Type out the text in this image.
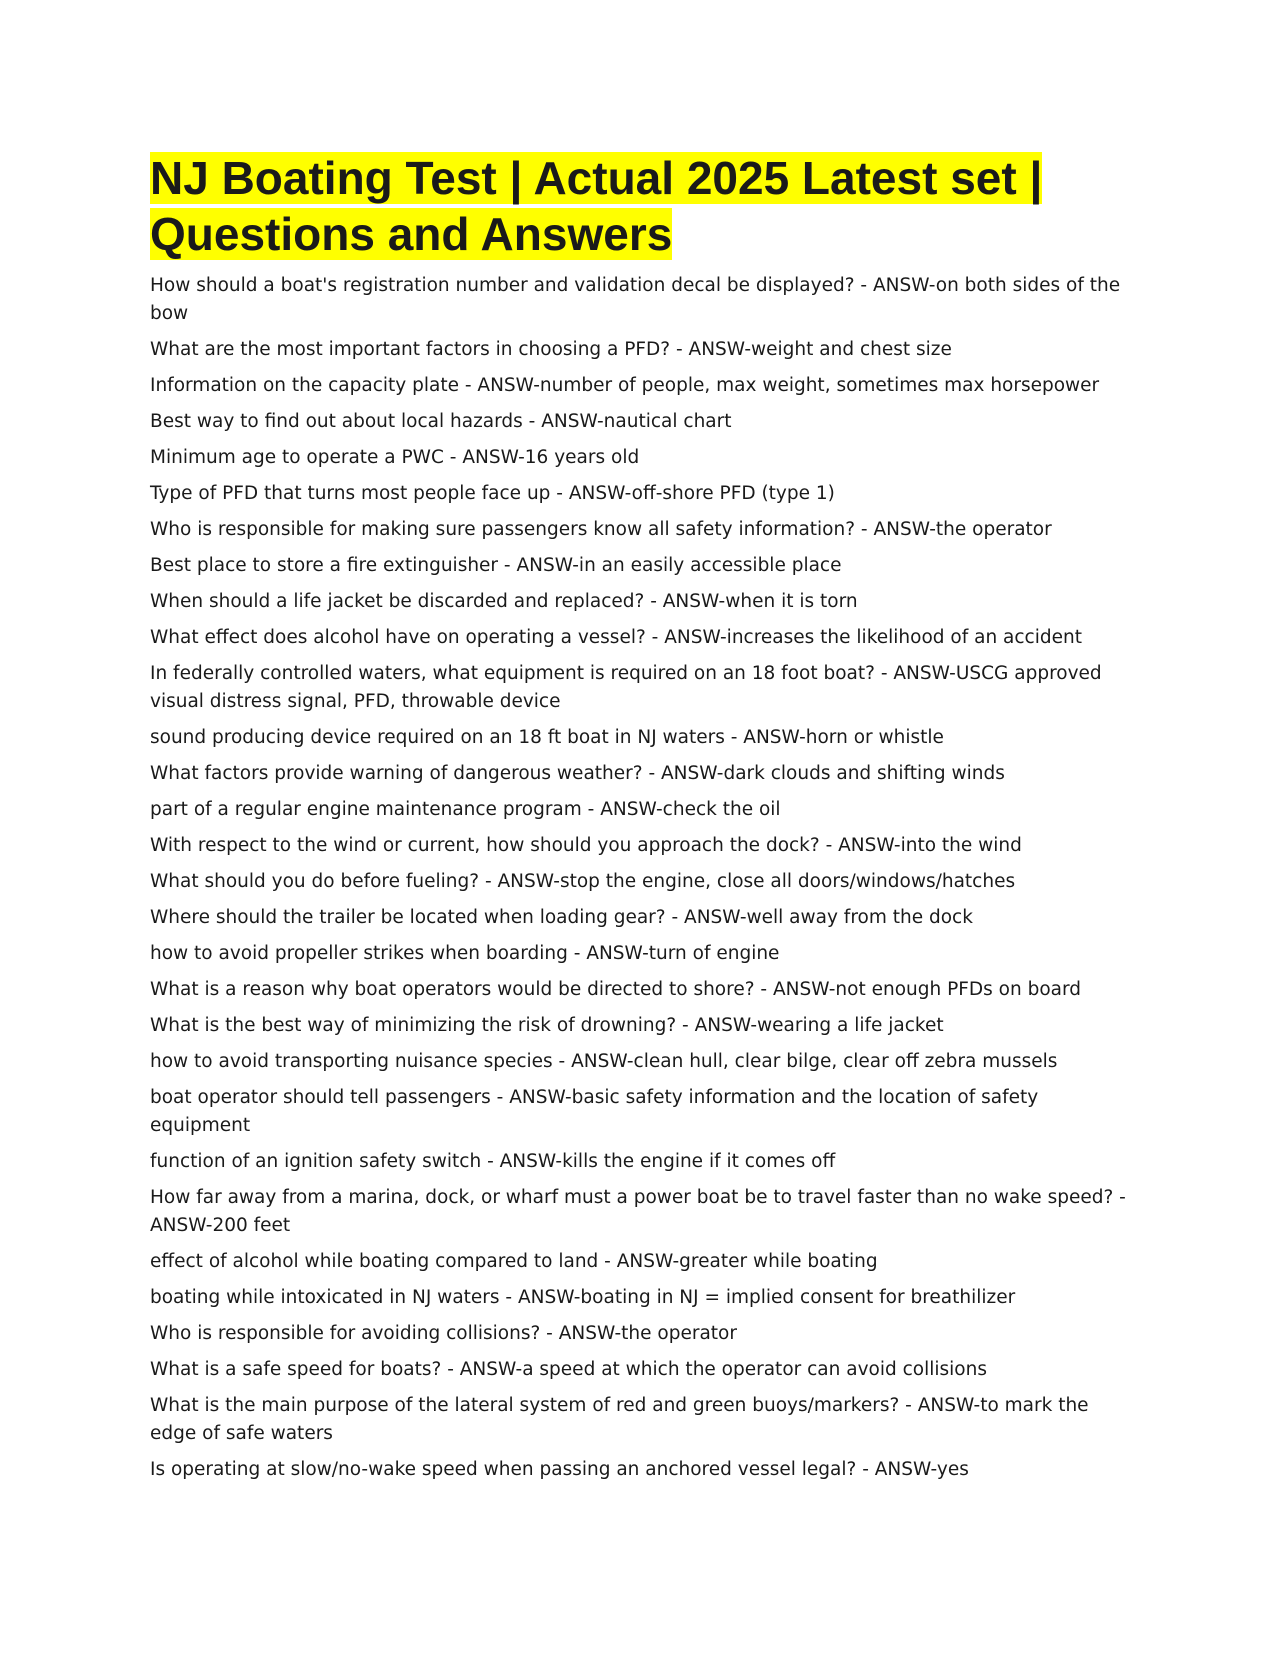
NJ Boating Test | Actual 2025 Latest set | Questions and Answers
How should a boat's registration number and validation decal be displayed? - ANSW-on both sides of the bow
What are the most important factors in choosing a PFD? - ANSW-weight and chest size
Information on the capacity plate - ANSW-number of people, max weight, sometimes max horsepower
Best way to find out about local hazards - ANSW-nautical chart
Minimum age to operate a PWC - ANSW-16 years old
Type of PFD that turns most people face up - ANSW-off-shore PFD (type 1)
Who is responsible for making sure passengers know all safety information? - ANSW-the operator
Best place to store a fire extinguisher - ANSW-in an easily accessible place
When should a life jacket be discarded and replaced? - ANSW-when it is torn
What effect does alcohol have on operating a vessel? - ANSW-increases the likelihood of an accident
In federally controlled waters, what equipment is required on an 18 foot boat? - ANSW-USCG approved visual distress signal, PFD, throwable device
sound producing device required on an 18 ft boat in NJ waters - ANSW-horn or whistle
What factors provide warning of dangerous weather? - ANSW-dark clouds and shifting winds
part of a regular engine maintenance program - ANSW-check the oil
With respect to the wind or current, how should you approach the dock? - ANSW-into the wind
What should you do before fueling? - ANSW-stop the engine, close all doors/windows/hatches
Where should the trailer be located when loading gear? - ANSW-well away from the dock
how to avoid propeller strikes when boarding - ANSW-turn of engine
What is a reason why boat operators would be directed to shore? - ANSW-not enough PFDs on board
What is the best way of minimizing the risk of drowning? - ANSW-wearing a life jacket
how to avoid transporting nuisance species - ANSW-clean hull, clear bilge, clear off zebra mussels
boat operator should tell passengers - ANSW-basic safety information and the location of safety equipment
function of an ignition safety switch - ANSW-kills the engine if it comes off
How far away from a marina, dock, or wharf must a power boat be to travel faster than no wake speed? - ANSW-200 feet
effect of alcohol while boating compared to land - ANSW-greater while boating
boating while intoxicated in NJ waters - ANSW-boating in NJ = implied consent for breathilizer
Who is responsible for avoiding collisions? - ANSW-the operator
What is a safe speed for boats? - ANSW-a speed at which the operator can avoid collisions
What is the main purpose of the lateral system of red and green buoys/markers? - ANSW-to mark the edge of safe waters
Is operating at slow/no-wake speed when passing an anchored vessel legal? - ANSW-yes
